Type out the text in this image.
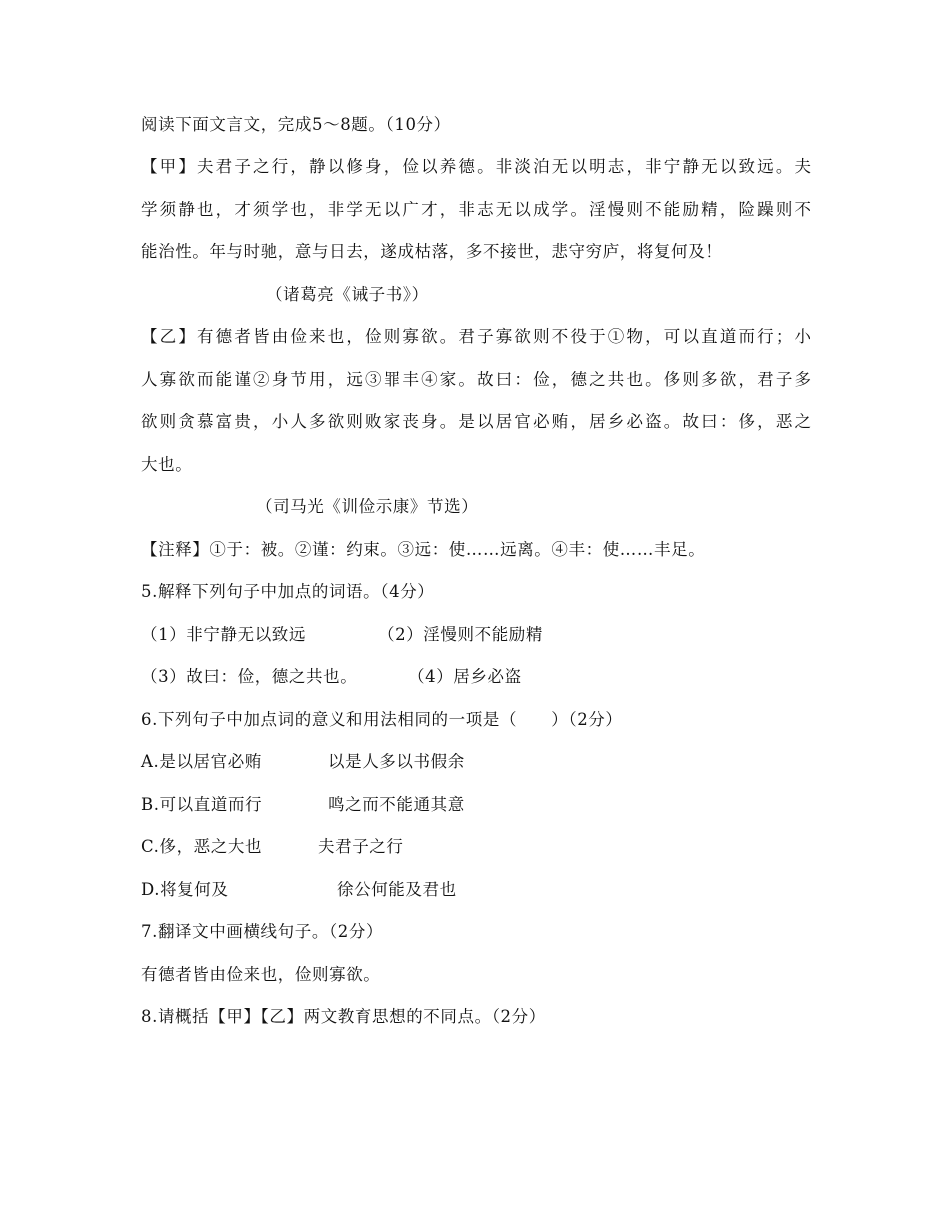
阅读下面文言文，完成5～8题。（10分）
【甲】夫君子之行，静以修身，俭以养德。非淡泊无以明志，非宁静无以致远。夫
学须静也，才须学也，非学无以广才，非志无以成学。淫慢则不能励精，险躁则不
能治性。年与时驰，意与日去，遂成枯落，多不接世，悲守穷庐，将复何及！
（诸葛亮《诫子书》）
【乙】有德者皆由俭来也，俭则寡欲。君子寡欲则不役于①物，可以直道而行；小
人寡欲而能谨②身节用，远③罪丰④家。故曰：俭，德之共也。侈则多欲，君子多
欲则贪慕富贵，小人多欲则败家丧身。是以居官必贿，居乡必盗。故曰：侈，恶之
大也。
（司马光《训俭示康》节选）
【注释】①于：被。②谨：约束。③远：使……远离。④丰：使……丰足。
5.解释下列句子中加点的词语。（4分）
（1）非宁静无以致远	（2）淫慢则不能励精
（3）故曰：俭，德之共也。	（4）居乡必盗
6.下列句子中加点词的意义和用法相同的一项是（　　）（2分）
A.是以居官必贿	以是人多以书假余
B.可以直道而行	鸣之而不能通其意
C.侈，恶之大也	夫君子之行
D.将复何及	徐公何能及君也
7.翻译文中画横线句子。（2分）
有德者皆由俭来也，俭则寡欲。
8.请概括【甲】【乙】两文教育思想的不同点。（2分）
